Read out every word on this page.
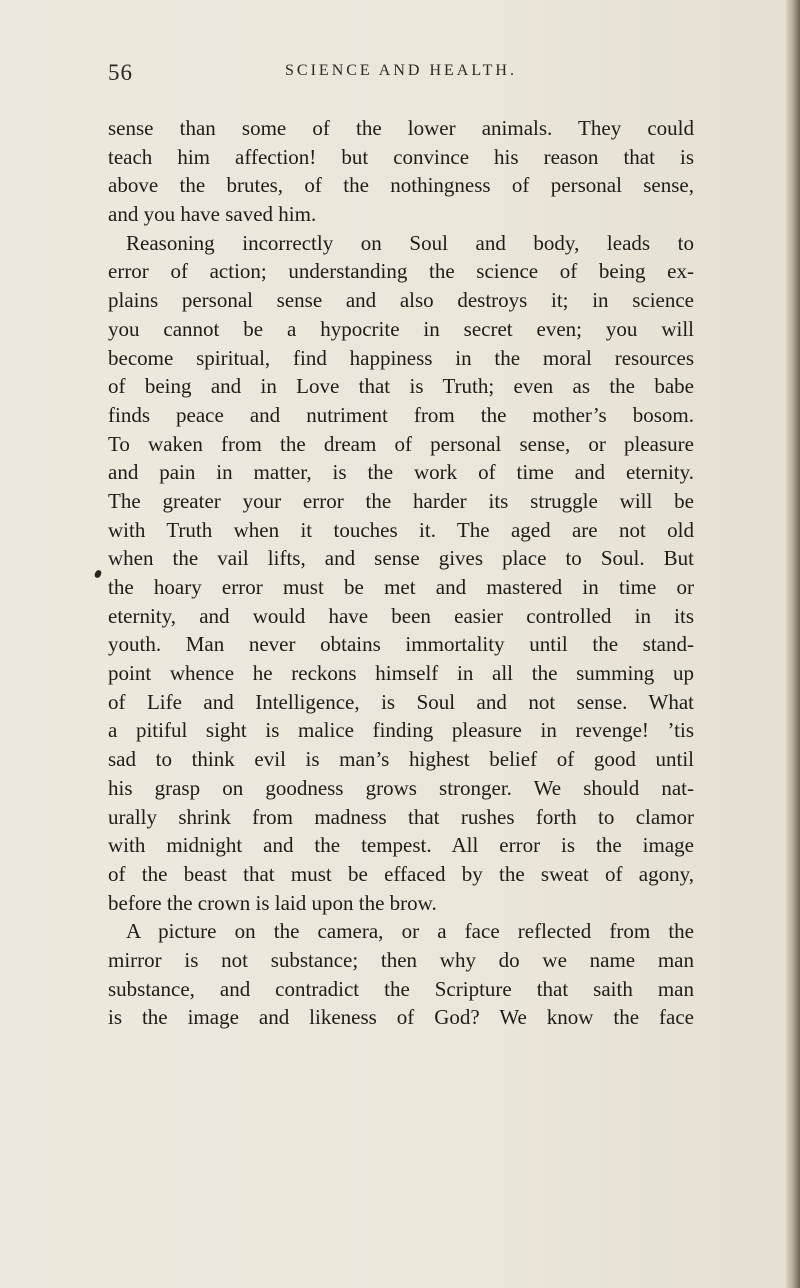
56	SCIENCE AND HEALTH.
sense than some of the lower animals. They could
teach him affection! but convince his reason that is
above the brutes, of the nothingness of personal sense,
and you have saved him.
Reasoning incorrectly on Soul and body, leads to
error of action; understanding the science of being ex-
plains personal sense and also destroys it; in science
you cannot be a hypocrite in secret even; you will
become spiritual, find happiness in the moral resources
of being and in Love that is Truth; even as the babe
finds peace and nutriment from the mother’s bosom.
To waken from the dream of personal sense, or pleasure
and pain in matter, is the work of time and eternity.
The greater your error the harder its struggle will be
with Truth when it touches it. The aged are not old
when the vail lifts, and sense gives place to Soul. But
the hoary error must be met and mastered in time or
eternity, and would have been easier controlled in its
youth. Man never obtains immortality until the stand-
point whence he reckons himself in all the summing up
of Life and Intelligence, is Soul and not sense. What
a pitiful sight is malice finding pleasure in revenge! ’tis
sad to think evil is man’s highest belief of good until
his grasp on goodness grows stronger. We should nat-
urally shrink from madness that rushes forth to clamor
with midnight and the tempest. All error is the image
of the beast that must be effaced by the sweat of agony,
before the crown is laid upon the brow.
A picture on the camera, or a face reflected from the
mirror is not substance; then why do we name man
substance, and contradict the Scripture that saith man
is the image and likeness of God? We know the face
